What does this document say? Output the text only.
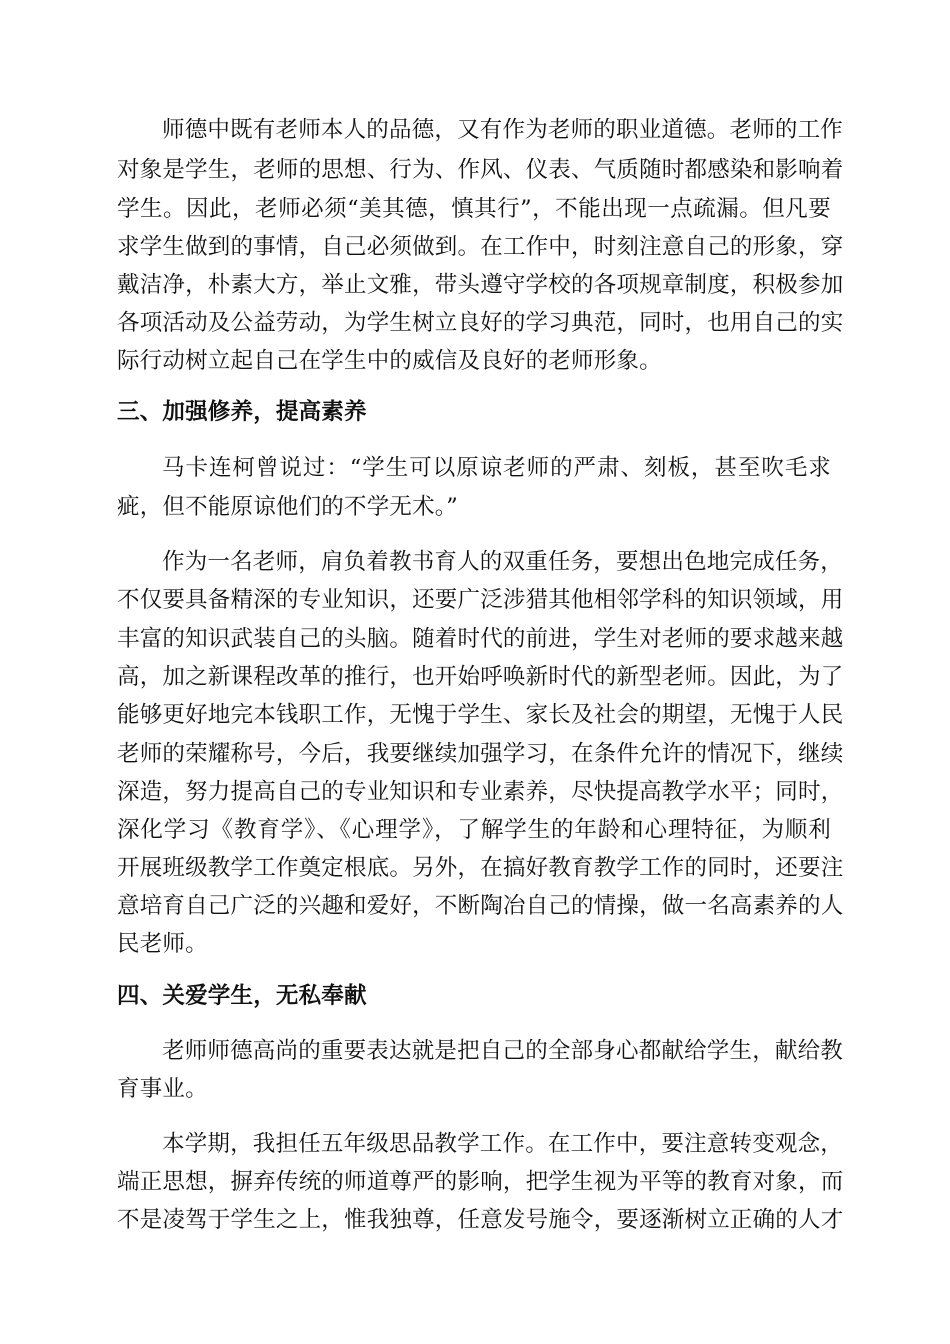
师德中既有老师本人的品德，又有作为老师的职业道德。老师的工作
对象是学生，老师的思想、行为、作风、仪表、气质随时都感染和影响着
学生。因此，老师必须“美其德，慎其行”，不能出现一点疏漏。但凡要
求学生做到的事情，自己必须做到。在工作中，时刻注意自己的形象，穿
戴洁净，朴素大方，举止文雅，带头遵守学校的各项规章制度，积极参加
各项活动及公益劳动，为学生树立良好的学习典范，同时，也用自己的实
际行动树立起自己在学生中的威信及良好的老师形象。
三、加强修养，提高素养
马卡连柯曾说过：“学生可以原谅老师的严肃、刻板，甚至吹毛求
疵，但不能原谅他们的不学无术。”
作为一名老师，肩负着教书育人的双重任务，要想出色地完成任务，
不仅要具备精深的专业知识，还要广泛涉猎其他相邻学科的知识领域，用
丰富的知识武装自己的头脑。随着时代的前进，学生对老师的要求越来越
高，加之新课程改革的推行，也开始呼唤新时代的新型老师。因此，为了
能够更好地完本钱职工作，无愧于学生、家长及社会的期望，无愧于人民
老师的荣耀称号，今后，我要继续加强学习，在条件允许的情况下，继续
深造，努力提高自己的专业知识和专业素养，尽快提高教学水平；同时，
深化学习《教育学》、《心理学》，了解学生的年龄和心理特征，为顺利
开展班级教学工作奠定根底。另外，在搞好教育教学工作的同时，还要注
意培育自己广泛的兴趣和爱好，不断陶冶自己的情操，做一名高素养的人
民老师。
四、关爱学生，无私奉献
老师师德高尚的重要表达就是把自己的全部身心都献给学生，献给教
育事业。
本学期，我担任五年级思品教学工作。在工作中，要注意转变观念，
端正思想，摒弃传统的师道尊严的影响，把学生视为平等的教育对象，而
不是凌驾于学生之上，惟我独尊，任意发号施令，要逐渐树立正确的人才
